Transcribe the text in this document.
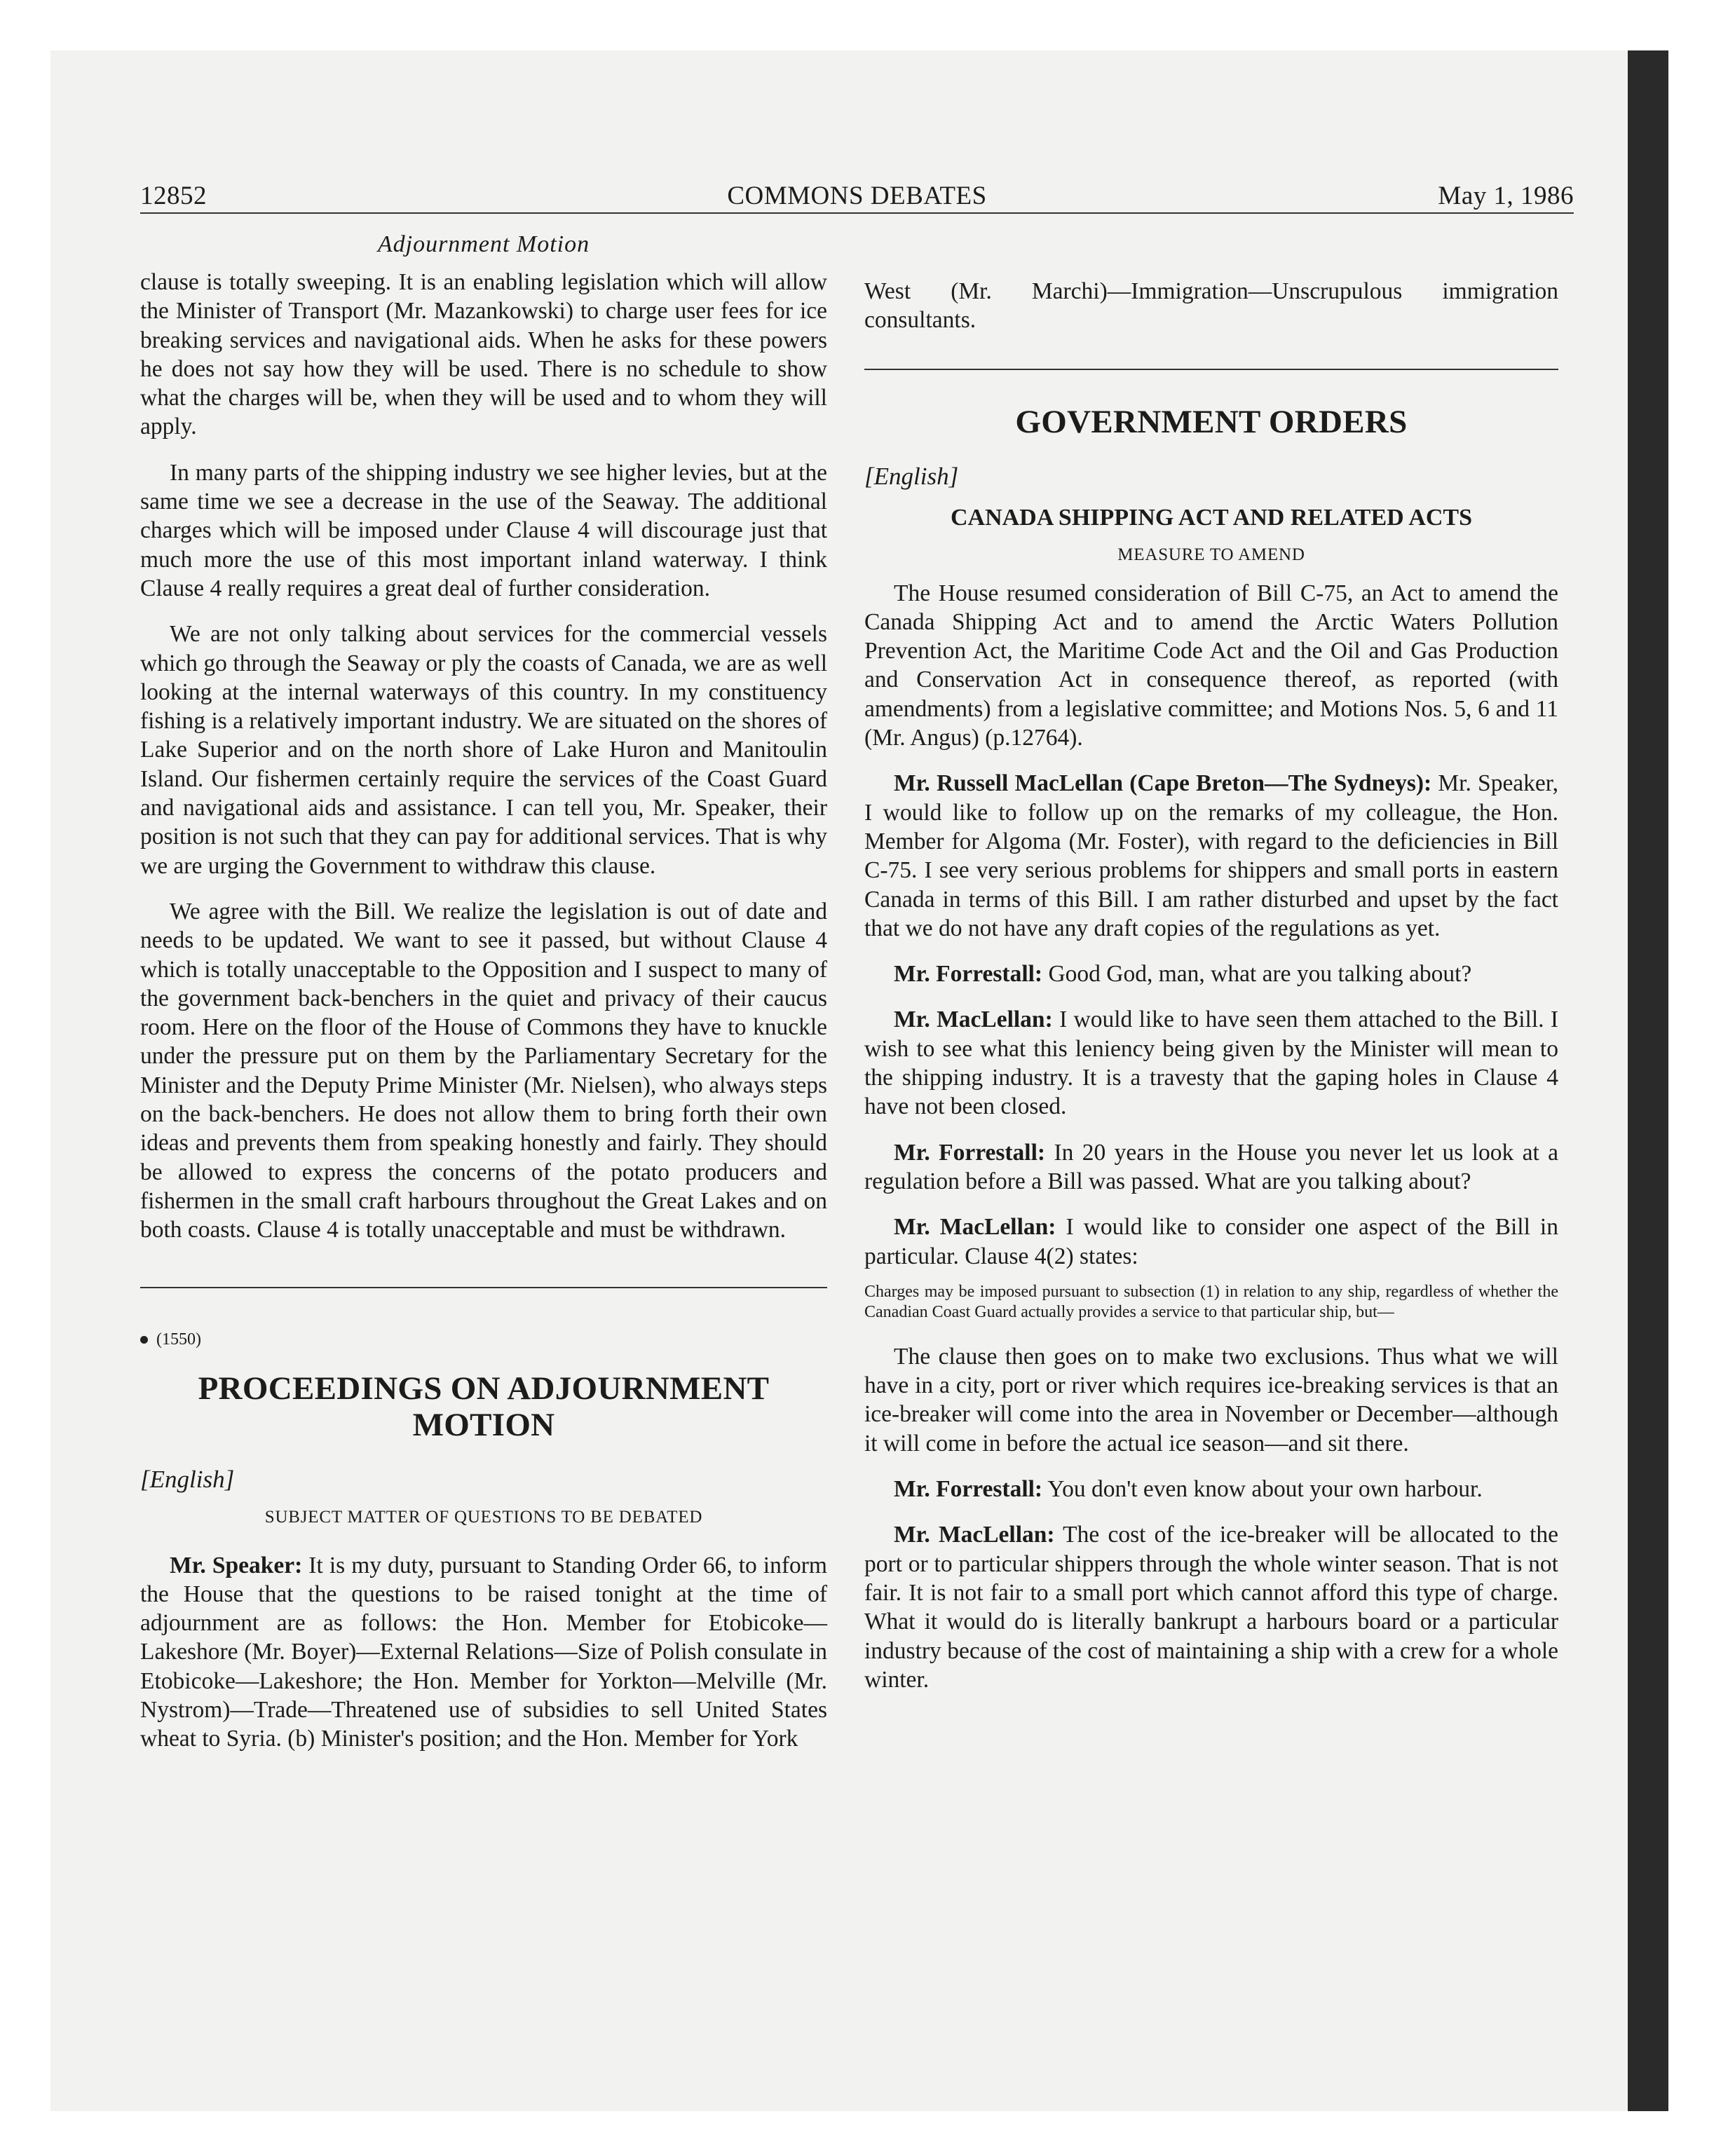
12852	COMMONS DEBATES	May 1, 1986
Adjournment Motion

clause is totally sweeping. It is an enabling legislation which will allow the Minister of Transport (Mr. Mazankowski) to charge user fees for ice breaking services and navigational aids. When he asks for these powers he does not say how they will be used. There is no schedule to show what the charges will be, when they will be used and to whom they will apply.

In many parts of the shipping industry we see higher levies, but at the same time we see a decrease in the use of the Seaway. The additional charges which will be imposed under Clause 4 will discourage just that much more the use of this most important inland waterway. I think Clause 4 really requires a great deal of further consideration.

We are not only talking about services for the commercial vessels which go through the Seaway or ply the coasts of Canada, we are as well looking at the internal waterways of this country. In my constituency fishing is a relatively important industry. We are situated on the shores of Lake Superior and on the north shore of Lake Huron and Manitoulin Island. Our fishermen certainly require the services of the Coast Guard and navigational aids and assistance. I can tell you, Mr. Speaker, their position is not such that they can pay for additional services. That is why we are urging the Government to withdraw this clause.

We agree with the Bill. We realize the legislation is out of date and needs to be updated. We want to see it passed, but without Clause 4 which is totally unacceptable to the Opposition and I suspect to many of the government back-benchers in the quiet and privacy of their caucus room. Here on the floor of the House of Commons they have to knuckle under the pressure put on them by the Parliamentary Secretary for the Minister and the Deputy Prime Minister (Mr. Nielsen), who always steps on the back-benchers. He does not allow them to bring forth their own ideas and prevents them from speaking honestly and fairly. They should be allowed to express the concerns of the potato producers and fishermen in the small craft harbours throughout the Great Lakes and on both coasts. Clause 4 is totally unacceptable and must be withdrawn.

(1550)
PROCEEDINGS ON ADJOURNMENT MOTION
[English]
SUBJECT MATTER OF QUESTIONS TO BE DEBATED

Mr. Speaker: It is my duty, pursuant to Standing Order 66, to inform the House that the questions to be raised tonight at the time of adjournment are as follows: the Hon. Member for Etobicoke—Lakeshore (Mr. Boyer)—External Relations—Size of Polish consulate in Etobicoke—Lakeshore; the Hon. Member for Yorkton—Melville (Mr. Nystrom)—Trade—Threatened use of subsidies to sell United States wheat to Syria. (b) Minister's position; and the Hon. Member for York

West (Mr. Marchi)—Immigration—Unscrupulous immigration consultants.

GOVERNMENT ORDERS
[English]
CANADA SHIPPING ACT AND RELATED ACTS
MEASURE TO AMEND

The House resumed consideration of Bill C-75, an Act to amend the Canada Shipping Act and to amend the Arctic Waters Pollution Prevention Act, the Maritime Code Act and the Oil and Gas Production and Conservation Act in consequence thereof, as reported (with amendments) from a legislative committee; and Motions Nos. 5, 6 and 11 (Mr. Angus) (p.12764).

Mr. Russell MacLellan (Cape Breton—The Sydneys): Mr. Speaker, I would like to follow up on the remarks of my colleague, the Hon. Member for Algoma (Mr. Foster), with regard to the deficiencies in Bill C-75. I see very serious problems for shippers and small ports in eastern Canada in terms of this Bill. I am rather disturbed and upset by the fact that we do not have any draft copies of the regulations as yet.

Mr. Forrestall: Good God, man, what are you talking about?

Mr. MacLellan: I would like to have seen them attached to the Bill. I wish to see what this leniency being given by the Minister will mean to the shipping industry. It is a travesty that the gaping holes in Clause 4 have not been closed.

Mr. Forrestall: In 20 years in the House you never let us look at a regulation before a Bill was passed. What are you talking about?

Mr. MacLellan: I would like to consider one aspect of the Bill in particular. Clause 4(2) states:

Charges may be imposed pursuant to subsection (1) in relation to any ship, regardless of whether the Canadian Coast Guard actually provides a service to that particular ship, but—

The clause then goes on to make two exclusions. Thus what we will have in a city, port or river which requires ice-breaking services is that an ice-breaker will come into the area in November or December—although it will come in before the actual ice season—and sit there.

Mr. Forrestall: You don't even know about your own harbour.

Mr. MacLellan: The cost of the ice-breaker will be allocated to the port or to particular shippers through the whole winter season. That is not fair. It is not fair to a small port which cannot afford this type of charge. What it would do is literally bankrupt a harbours board or a particular industry because of the cost of maintaining a ship with a crew for a whole winter.
